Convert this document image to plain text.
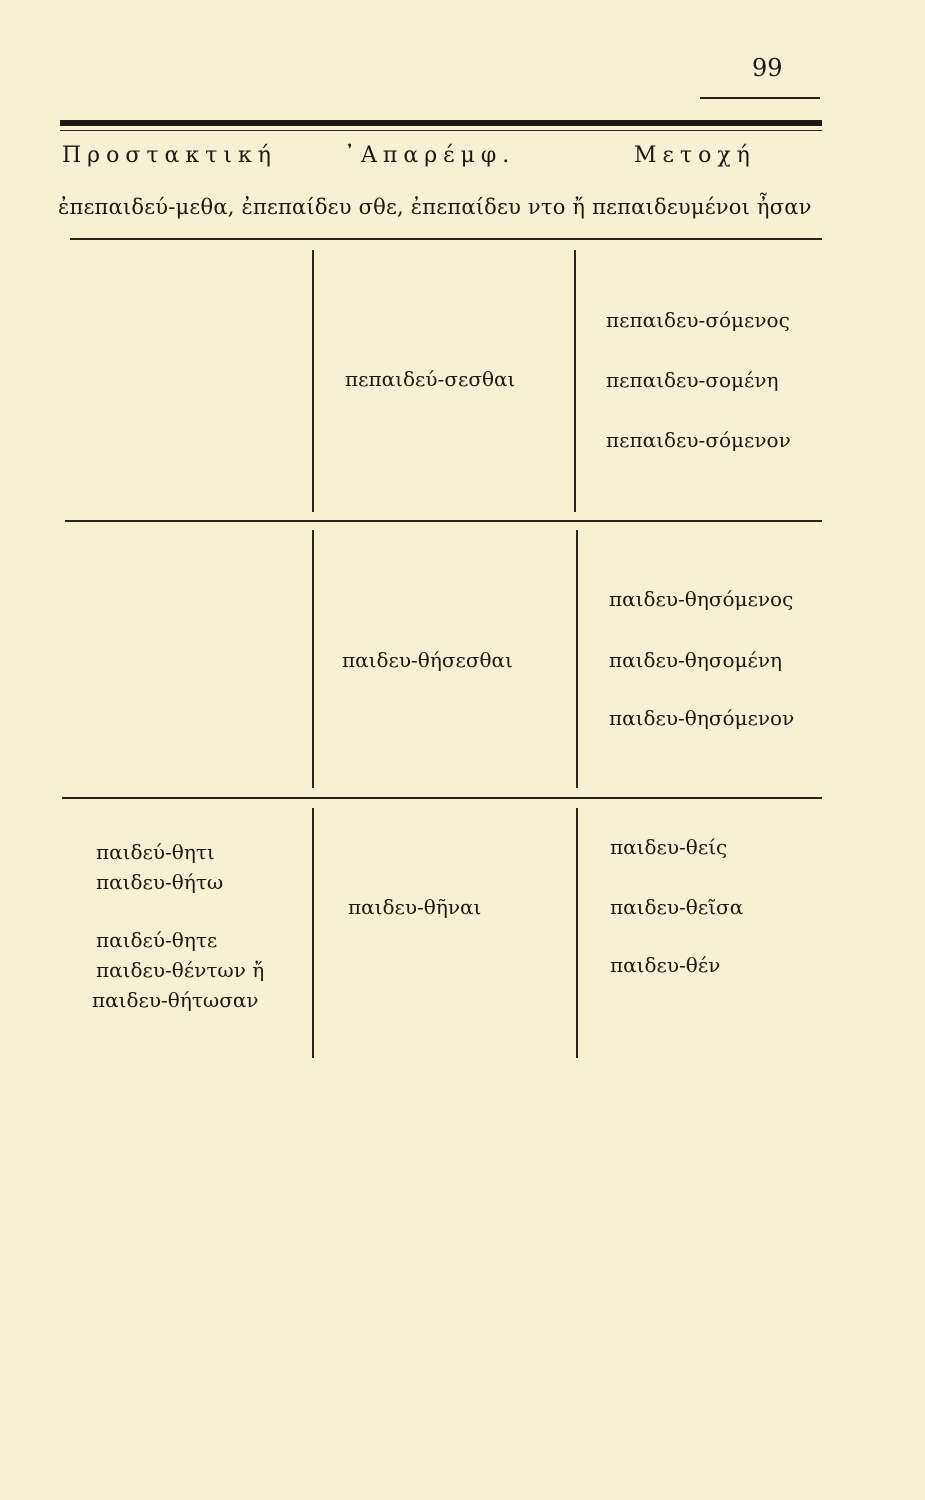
99
Προστακτική	᾿Απαρέμφ.	Μετοχή
ἐπεπαιδεύ-μεθα, ἐπεπαίδευ σθε, ἐπεπαίδευ ντο ἤ πεπαιδευμένοι ἦσαν
πεπαιδεύ-σεσθαι
πεπαιδευ-σόμενος
πεπαιδευ-σομένη
πεπαιδευ-σόμενον
παιδευ-θήσεσθαι
παιδευ-θησόμενος
παιδευ-θησομένη
παιδευ-θησόμενον
παιδεύ-θητι
παιδευ-θήτω
παιδεύ-θητε
παιδευ-θέντων ἤ
παιδευ-θήτωσαν
παιδευ-θῆναι
παιδευ-θείς
παιδευ-θεῖσα
παιδευ-θέν
